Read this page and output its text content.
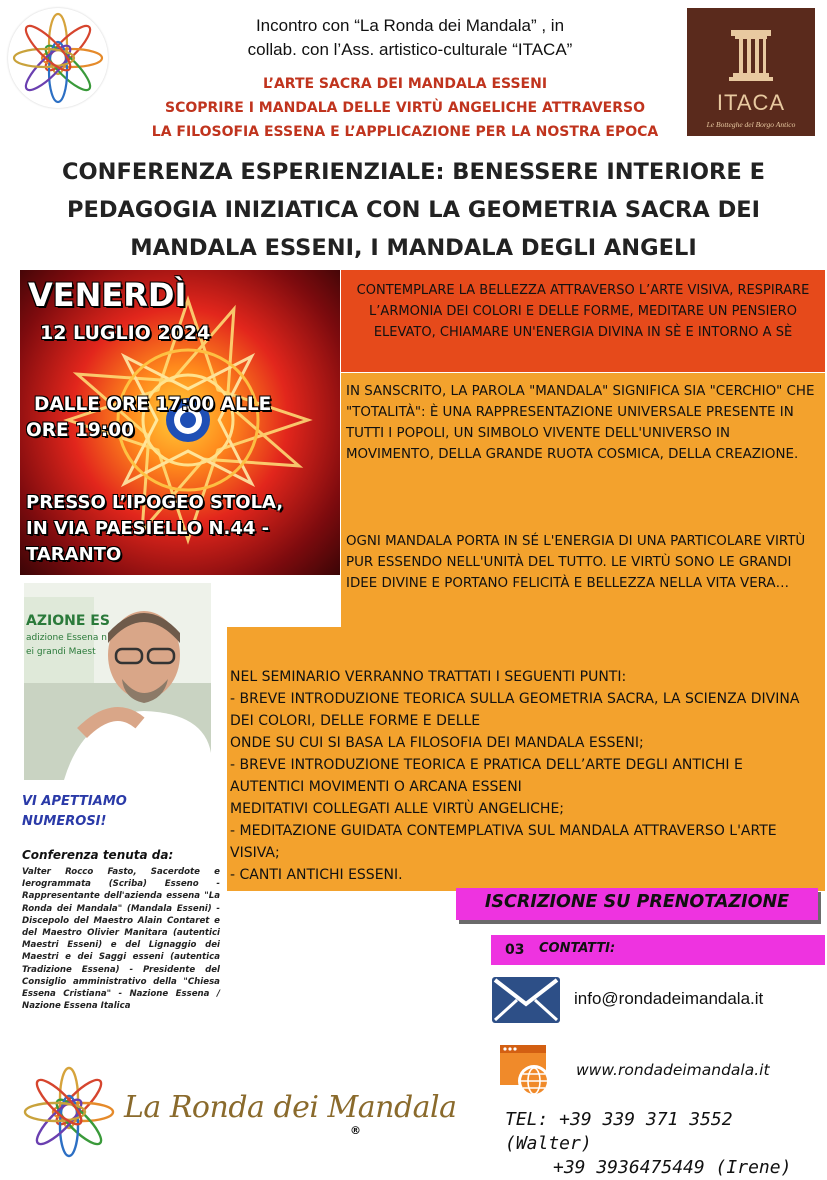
Incontro con “La Ronda dei Mandala” , in
collab. con l’Ass. artistico-culturale “ITACA”
L’ARTE SACRA DEI MANDALA ESSENI
SCOPRIRE I MANDALA DELLE VIRTÙ ANGELICHE ATTRAVERSO
LA FILOSOFIA ESSENA E L’APPLICAZIONE PER LA NOSTRA EPOCA
ITACA
Le Botteghe del Borgo Antico
CONFERENZA ESPERIENZIALE: BENESSERE INTERIORE E
PEDAGOGIA INIZIATICA CON LA GEOMETRIA SACRA DEI
MANDALA ESSENI, I MANDALA DEGLI ANGELI
VENERDÌ
12 LUGLIO 2024
DALLE ORE 17:00 ALLE
ORE 19:00
PRESSO L’IPOGEO STOLA,
IN VIA PAESIELLO N.44 -
TARANTO
CONTEMPLARE LA BELLEZZA ATTRAVERSO L’ARTE VISIVA, RESPIRARE L’ARMONIA DEI COLORI E DELLE FORME, MEDITARE UN PENSIERO ELEVATO, CHIAMARE UN'ENERGIA DIVINA IN SÈ E INTORNO A SÈ
IN SANSCRITO, LA PAROLA "MANDALA" SIGNIFICA SIA "CERCHIO" CHE "TOTALITÀ": È UNA RAPPRESENTAZIONE UNIVERSALE PRESENTE IN TUTTI I POPOLI, UN SIMBOLO VIVENTE DELL'UNIVERSO IN MOVIMENTO, DELLA GRANDE RUOTA COSMICA, DELLA CREAZIONE.
OGNI MANDALA PORTA IN SÉ L'ENERGIA DI UNA PARTICOLARE VIRTÙ PUR ESSENDO NELL'UNITÀ DEL TUTTO. LE VIRTÙ SONO LE GRANDI IDEE DIVINE E PORTANO FELICITÀ E BELLEZZA NELLA VITA VERA…
NEL SEMINARIO VERRANNO TRATTATI I SEGUENTI PUNTI:
- BREVE INTRODUZIONE TEORICA SULLA GEOMETRIA SACRA, LA SCIENZA DIVINA DEI COLORI, DELLE FORME E DELLE
ONDE SU CUI SI BASA LA FILOSOFIA DEI MANDALA ESSENI;
- BREVE INTRODUZIONE TEORICA E PRATICA DELL’ARTE DEGLI ANTICHI E AUTENTICI MOVIMENTI O ARCANA ESSENI
MEDITATIVI COLLEGATI ALLE VIRTÙ ANGELICHE;
- MEDITAZIONE GUIDATA CONTEMPLATIVA SUL MANDALA ATTRAVERSO L'ARTE VISIVA;
- CANTI ANTICHI ESSENI.
AZIONE ES
adizione Essena n
ei grandi Maest
VI APETTIAMO
NUMEROSI!
Conferenza tenuta da:
Valter Rocco Fasto, Sacerdote e Ierogrammata (Scriba) Esseno - Rappresentante dell'azienda essena "La Ronda dei Mandala" (Mandala Esseni) - Discepolo del Maestro Alain Contaret e del Maestro Olivier Manitara (autentici Maestri Esseni) e del Lignaggio dei Maestri e dei Saggi esseni (autentica Tradizione Essena) - Presidente del Consiglio amministrativo della "Chiesa Essena Cristiana" - Nazione Essena / Nazione Essena Italica
ISCRIZIONE SU PRENOTAZIONE
03 CONTATTI:
info@rondadeimandala.it
www.rondadeimandala.it
TEL: +39 339 371 3552 (Walter)
+39 3936475449 (Irene)
La Ronda dei Mandala
®
